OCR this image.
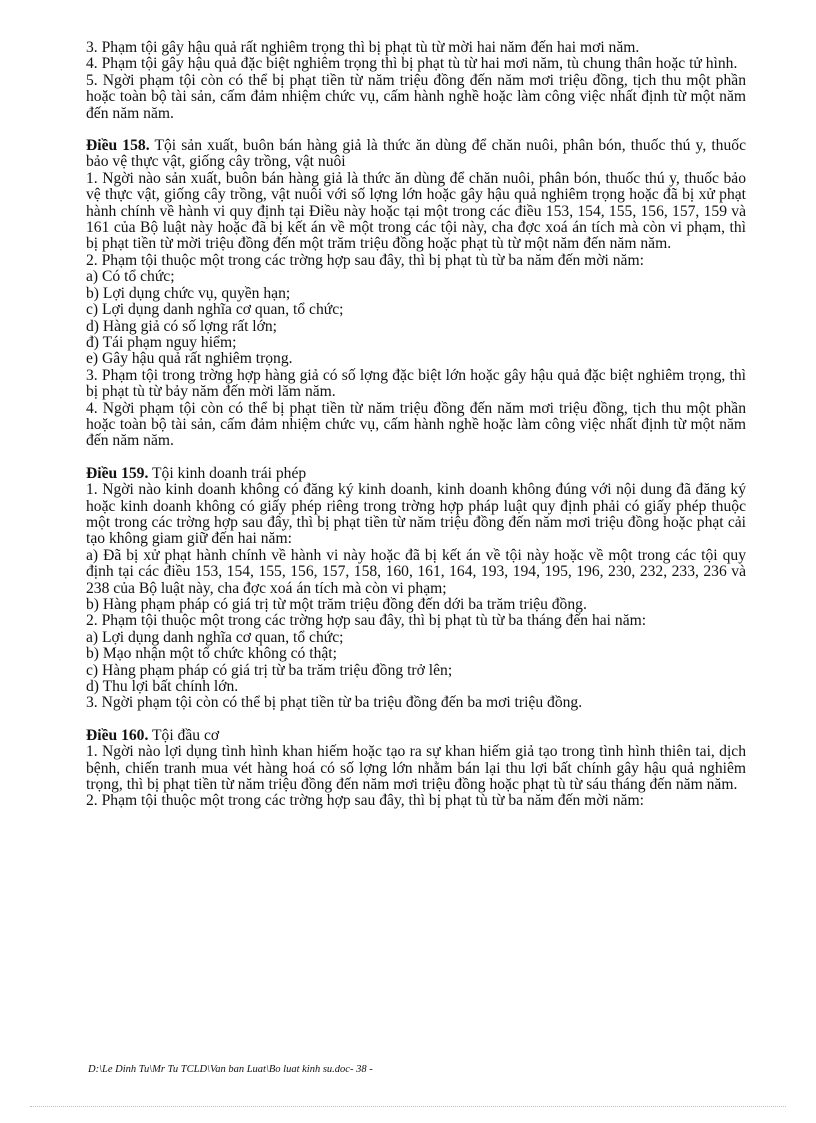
3. Phạm tội gây hậu quả rất nghiêm trọng thì bị phạt tù từ mời hai năm đến hai mơi năm.
4. Phạm tội gây hậu quả đặc biệt nghiêm trọng thì bị phạt tù từ hai mơi năm, tù chung thân hoặc tử hình.
5. Ngời phạm tội còn có thể bị phạt tiền từ năm triệu đồng đến năm mơi triệu đồng, tịch thu một phần hoặc toàn bộ tài sản, cấm đảm nhiệm chức vụ, cấm hành nghề hoặc làm công việc nhất định từ một năm đến năm năm.
Điều 158. Tội sản xuất, buôn bán hàng giả là thức ăn dùng để chăn nuôi, phân bón, thuốc thú y, thuốc bảo vệ thực vật, giống cây trồng, vật nuôi
1. Ngời nào sản xuất, buôn bán hàng giả là thức ăn dùng để chăn nuôi, phân bón, thuốc thú y, thuốc bảo vệ thực vật, giống cây trồng, vật nuôi với số lợng lớn hoặc gây hậu quả nghiêm trọng hoặc đã bị xử phạt hành chính về hành vi quy định tại Điều này hoặc tại một trong các điều 153, 154, 155, 156, 157, 159 và 161 của Bộ luật này hoặc đã bị kết án về một trong các tội này, cha đợc xoá án tích mà còn vi phạm, thì bị phạt tiền từ mời triệu đồng đến một trăm triệu đồng hoặc phạt tù từ một năm đến năm năm.
2. Phạm tội thuộc một trong các trờng hợp sau đây, thì bị phạt tù từ ba năm đến mời năm:
a) Có tổ chức;
b) Lợi dụng chức vụ, quyền hạn;
c) Lợi dụng danh nghĩa cơ quan, tổ chức;
d) Hàng giả có số lợng rất lớn;
đ) Tái phạm nguy hiểm;
e) Gây hậu quả rất nghiêm trọng.
3. Phạm tội trong trờng hợp hàng giả có số lợng đặc biệt lớn hoặc gây hậu quả đặc biệt nghiêm trọng, thì bị phạt tù từ bảy năm đến mời lăm năm.
4. Ngời phạm tội còn có thể bị phạt tiền từ năm triệu đồng đến năm mơi triệu đồng, tịch thu một phần hoặc toàn bộ tài sản, cấm đảm nhiệm chức vụ, cấm hành nghề hoặc làm công việc nhất định từ một năm đến năm năm.
Điều 159. Tội kinh doanh trái phép
1. Ngời nào kinh doanh không có đăng ký kinh doanh, kinh doanh không đúng với nội dung đã đăng ký hoặc kinh doanh không có giấy phép riêng trong trờng hợp pháp luật quy định phải có giấy phép thuộc một trong các trờng hợp sau đây, thì bị phạt tiền từ năm triệu đồng đến năm mơi triệu đồng hoặc phạt cải tạo không giam giữ đến hai năm:
a) Đã bị xử phạt hành chính về hành vi này hoặc đã bị kết án về tội này hoặc về một trong các tội quy định tại các điều 153, 154, 155, 156, 157, 158, 160, 161, 164, 193, 194, 195, 196, 230, 232, 233, 236 và 238 của Bộ luật này, cha đợc xoá án tích mà còn vi phạm;
b) Hàng phạm pháp có giá trị từ một trăm triệu đồng đến dới ba trăm triệu đồng.
2. Phạm tội thuộc một trong các trờng hợp sau đây, thì bị phạt tù từ ba tháng đến hai năm:
a) Lợi dụng danh nghĩa cơ quan, tổ chức;
b) Mạo nhận một tổ chức không có thật;
c) Hàng phạm pháp có giá trị từ ba trăm triệu đồng trở lên;
d) Thu lợi bất chính lớn.
3. Ngời phạm tội còn có thể bị phạt tiền từ ba triệu đồng đến ba mơi triệu đồng.
Điều 160. Tội đầu cơ
1. Ngời nào lợi dụng tình hình khan hiếm hoặc tạo ra sự khan hiếm giả tạo trong tình hình thiên tai, dịch bệnh, chiến tranh mua vét hàng hoá có số lợng lớn nhằm bán lại thu lợi bất chính gây hậu quả nghiêm trọng, thì bị phạt tiền từ năm triệu đồng đến năm mơi triệu đồng hoặc phạt tù từ sáu tháng đến năm năm.
2. Phạm tội thuộc một trong các trờng hợp sau đây, thì bị phạt tù từ ba năm đến mời năm:
D:\Le Dinh Tu\Mr Tu TCLD\Van ban Luat\Bo luat kinh su.doc- 38 -
